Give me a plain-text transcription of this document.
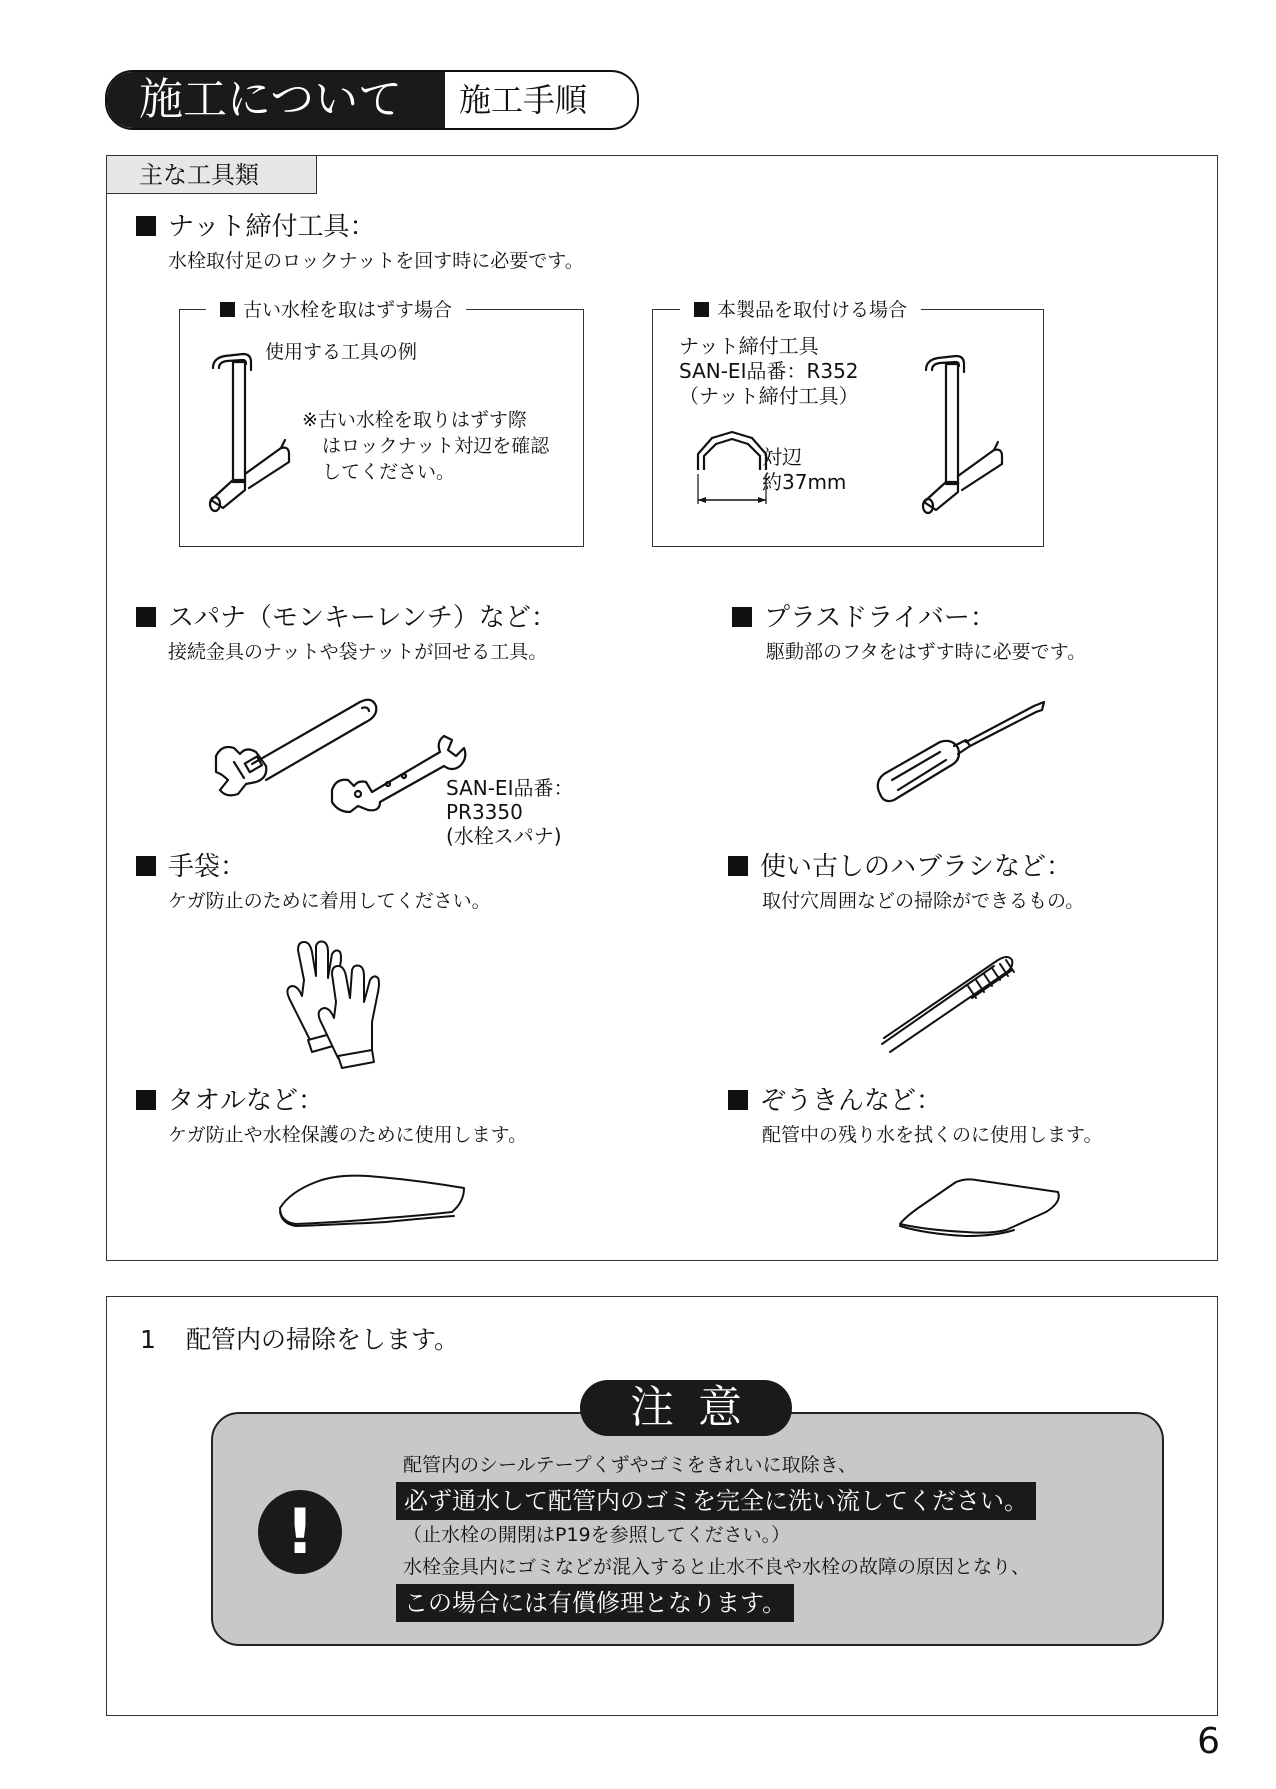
施工について	施工手順
主な工具類
ナット締付工具：
水栓取付足のロックナットを回す時に必要です。
古い水栓を取はずす場合
使用する工具の例
※古い水栓を取りはずす際
はロックナット対辺を確認
してください。
本製品を取付ける場合
ナット締付工具
SAN-EI品番：R352
（ナット締付工具）
対辺
約37mm
スパナ（モンキーレンチ）など：
接続金具のナットや袋ナットが回せる工具。
SAN-EI品番：
PR3350
(水栓スパナ)
プラスドライバー：
駆動部のフタをはずす時に必要です。
手袋：
ケガ防止のために着用してください。
使い古しのハブラシなど：
取付穴周囲などの掃除ができるもの。
タオルなど：
ケガ防止や水栓保護のために使用します。
ぞうきんなど：
配管中の残り水を拭くのに使用します。
1 配管内の掃除をします。
注意
!
配管内のシールテープくずやゴミをきれいに取除き、
必ず通水して配管内のゴミを完全に洗い流してください。
（止水栓の開閉はP19を参照してください。）
水栓金具内にゴミなどが混入すると止水不良や水栓の故障の原因となり、
この場合には有償修理となります。
6
